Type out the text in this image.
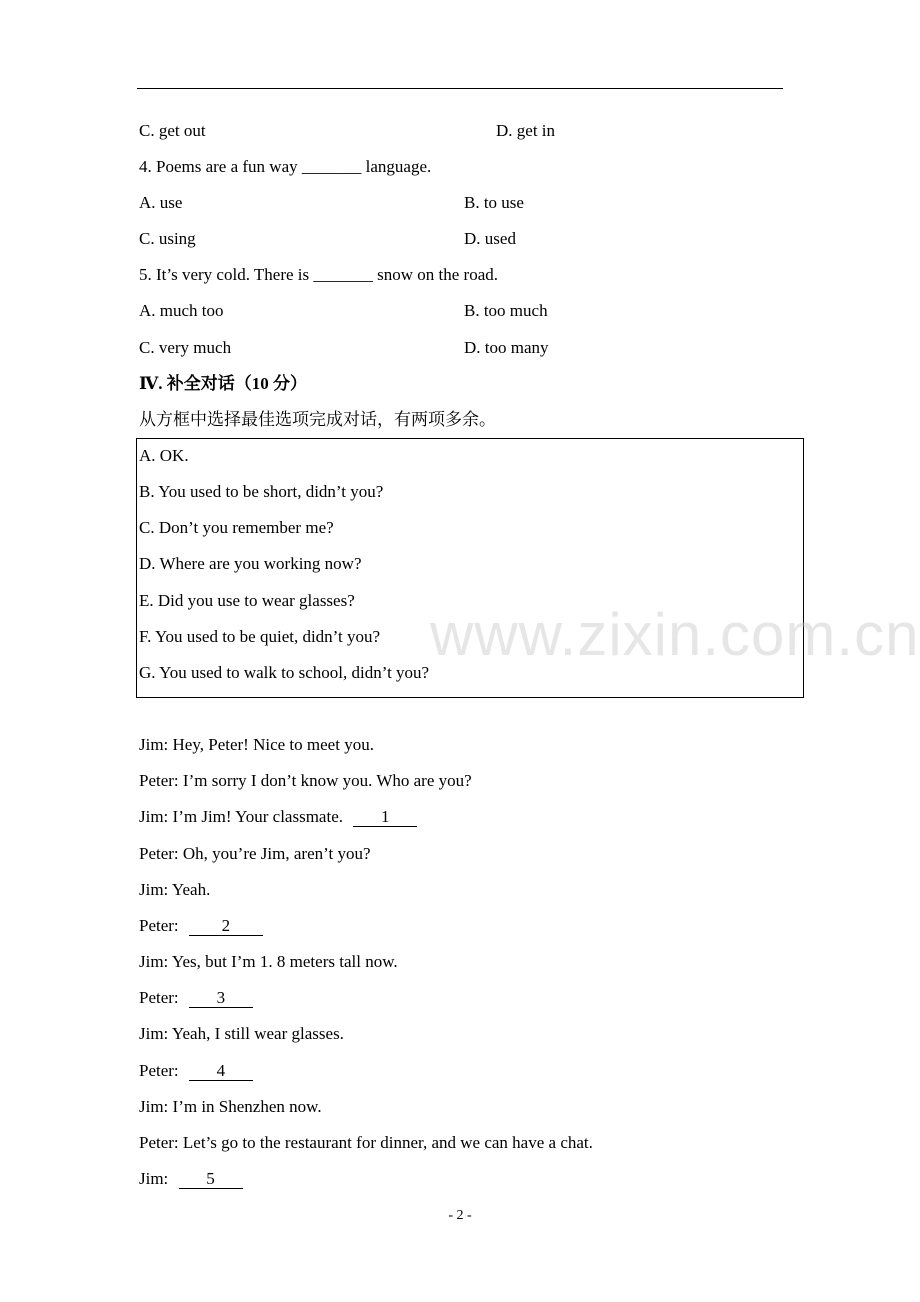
C. get out	D. get in
4. Poems are a fun way _______ language.
A. use	B. to use
C. using	D. used
5. It’s very cold. There is _______ snow on the road.
A. much too	B. too much
C. very much	D. too many
Ⅳ. 补全对话（10 分）
从方框中选择最佳选项完成对话，有两项多余。
A. OK.
B. You used to be short, didn’t you?
C. Don’t you remember me?
D. Where are you working now?
E. Did you use to wear glasses?
F. You used to be quiet, didn’t you?
G. You used to walk to school, didn’t you?
www.zixin.com.cn
Jim: Hey, Peter! Nice to meet you.
Peter: I’m sorry I don’t know you. Who are you?
Jim: I’m Jim! Your classmate. 1
Peter: Oh, you’re Jim, aren’t you?
Jim: Yeah.
Peter:	2
Jim: Yes, but I’m 1. 8 meters tall now.
Peter: 3
Jim: Yeah, I still wear glasses.
Peter: 4
Jim: I’m in Shenzhen now.
Peter: Let’s go to the restaurant for dinner, and we can have a chat.
Jim: 5
- 2 -
